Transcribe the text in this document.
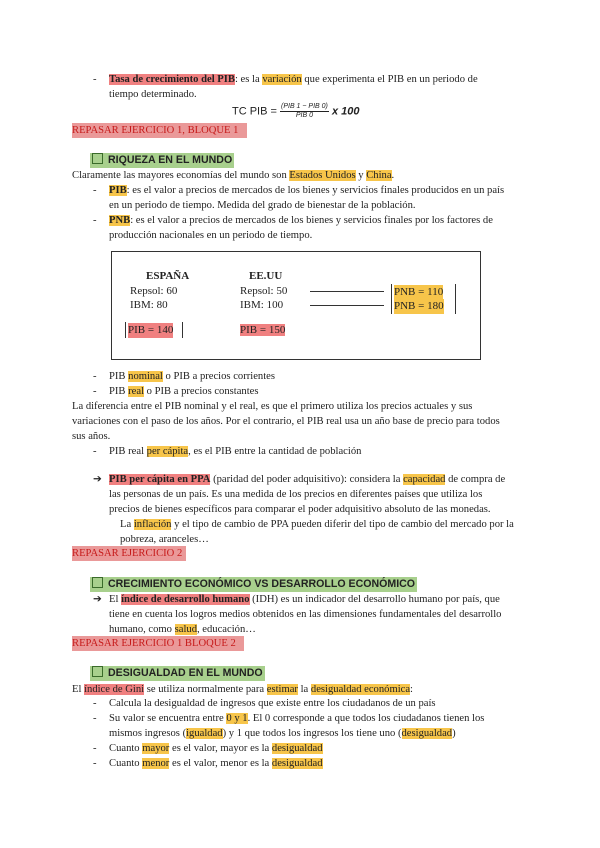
- Tasa de crecimiento del PIB: es la variación que experimenta el PIB en un periodo de
tiempo determinado.
TC PIB = $\frac{\text{(PIB 1 − PIB 0)}}{\text{PIB 0}}$ x 100
REPASAR EJERCICIO 1, BLOQUE 1
RIQUEZA EN EL MUNDO
Claramente las mayores economías del mundo son Estados Unidos y China.
- PIB: es el valor a precios de mercados de los bienes y servicios finales producidos en un país
en un periodo de tiempo. Medida del grado de bienestar de la población.
- PNB: es el valor a precios de mercados de los bienes y servicios finales por los factores de
producción nacionales en un periodo de tiempo.
ESPAÑA	EE.UU
Repsol: 60
IBM: 80
Repsol: 50
IBM: 100
PNB = 110
PNB = 180
PIB = 140	PIB = 150
- PIB nominal o PIB a precios corrientes
- PIB real o PIB a precios constantes
La diferencia entre el PIB nominal y el real, es que el primero utiliza los precios actuales y sus
variaciones con el paso de los años. Por el contrario, el PIB real usa un año base de precio para todos
sus años.
- PIB real per cápita, es el PIB entre la cantidad de población
➔ PIB per cápita en PPA (paridad del poder adquisitivo): considera la capacidad de compra de
las personas de un país. Es una medida de los precios en diferentes países que utiliza los
precios de bienes específicos para comparar el poder adquisitivo absoluto de las monedas.
La inflación y el tipo de cambio de PPA pueden diferir del tipo de cambio del mercado por la
pobreza, aranceles…
REPASAR EJERCICIO 2
CRECIMIENTO ECONÓMICO VS DESARROLLO ECONÓMICO
➔ El índice de desarrollo humano (IDH) es un indicador del desarrollo humano por país, que
tiene en cuenta los logros medios obtenidos en las dimensiones fundamentales del desarrollo
humano, como salud, educación…
REPASAR EJERCICIO 1 BLOQUE 2
DESIGUALDAD EN EL MUNDO
El índice de Gini se utiliza normalmente para estimar la desigualdad económica:
- Calcula la desigualdad de ingresos que existe entre los ciudadanos de un país
- Su valor se encuentra entre 0 y 1. El 0 corresponde a que todos los ciudadanos tienen los
mismos ingresos (igualdad) y 1 que todos los ingresos los tiene uno (desigualdad)
- Cuanto mayor es el valor, mayor es la desigualdad
- Cuanto menor es el valor, menor es la desigualdad
